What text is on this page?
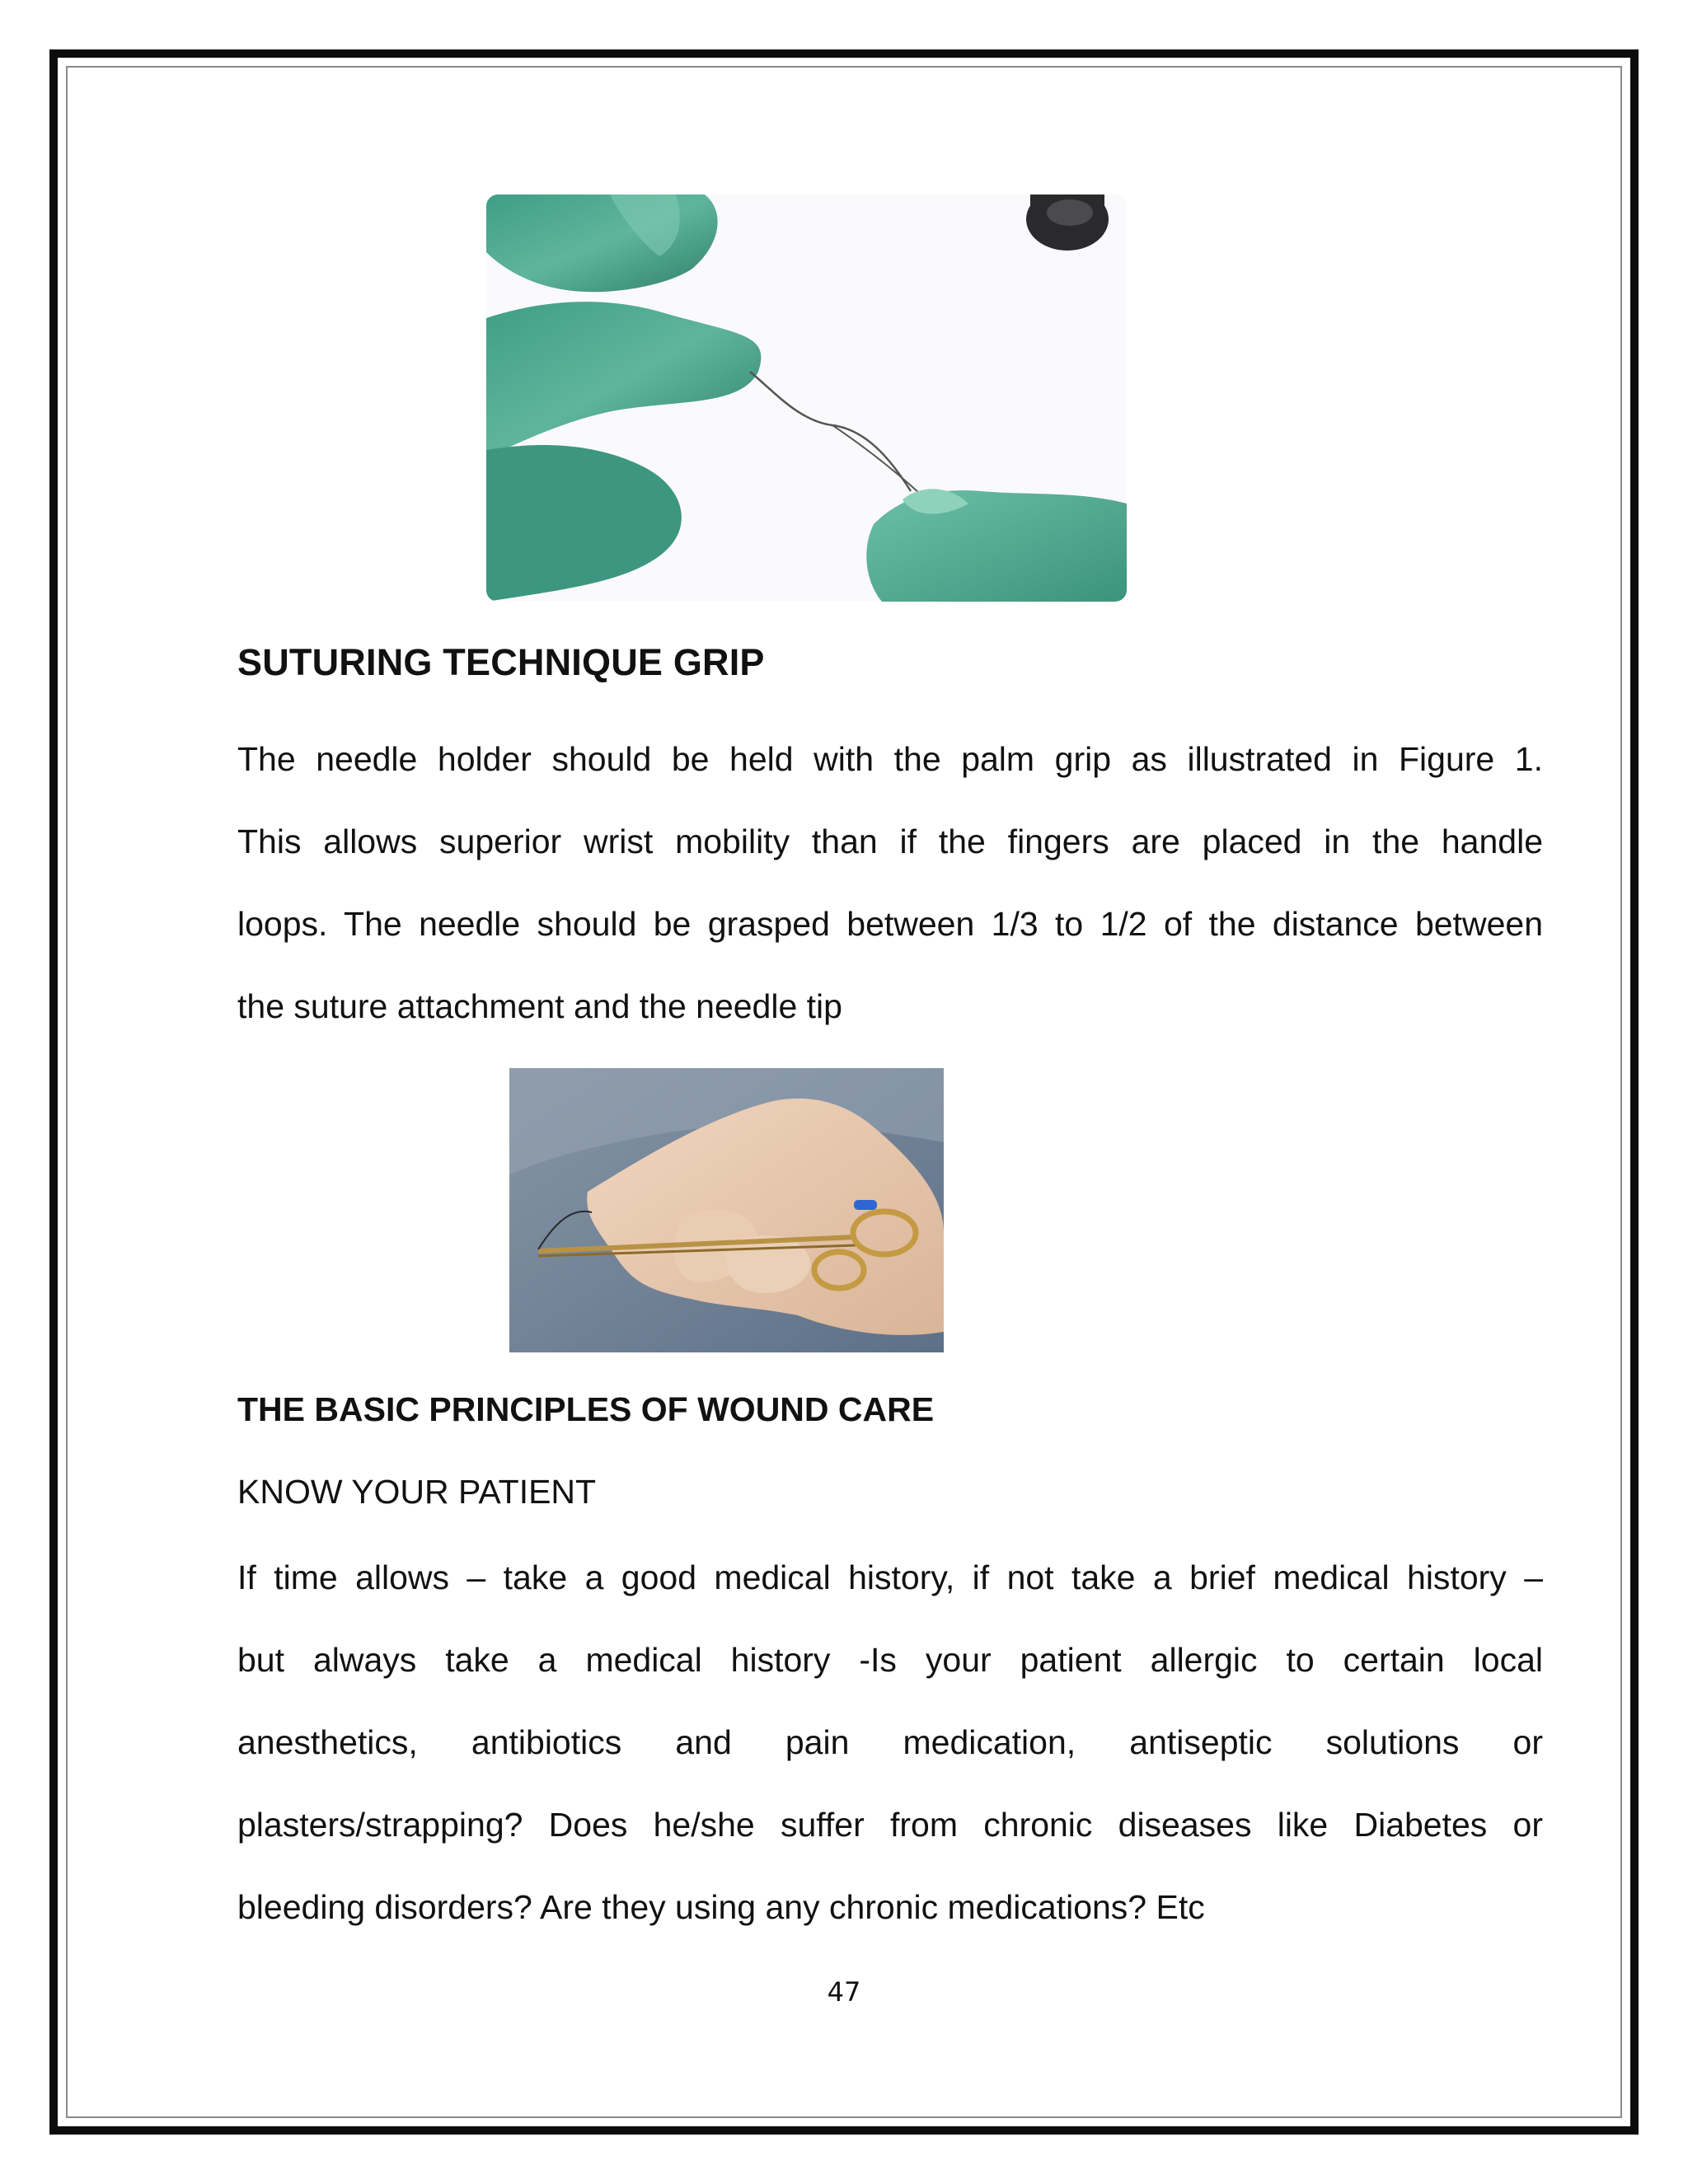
SUTURING TECHNIQUE GRIP
The needle holder should be held with the palm grip as illustrated in Figure 1.
This allows superior wrist mobility than if the fingers are placed in the handle
loops. The needle should be grasped between 1/3 to 1/2 of the distance between
the suture attachment and the needle tip
THE BASIC PRINCIPLES OF WOUND CARE
KNOW YOUR PATIENT
If time allows – take a good medical history, if not take a brief medical history –
but always take a medical history -Is your patient allergic to certain local
anesthetics, antibiotics and pain medication, antiseptic solutions or
plasters/strapping? Does he/she suffer from chronic diseases like Diabetes or
bleeding disorders? Are they using any chronic medications? Etc
47
